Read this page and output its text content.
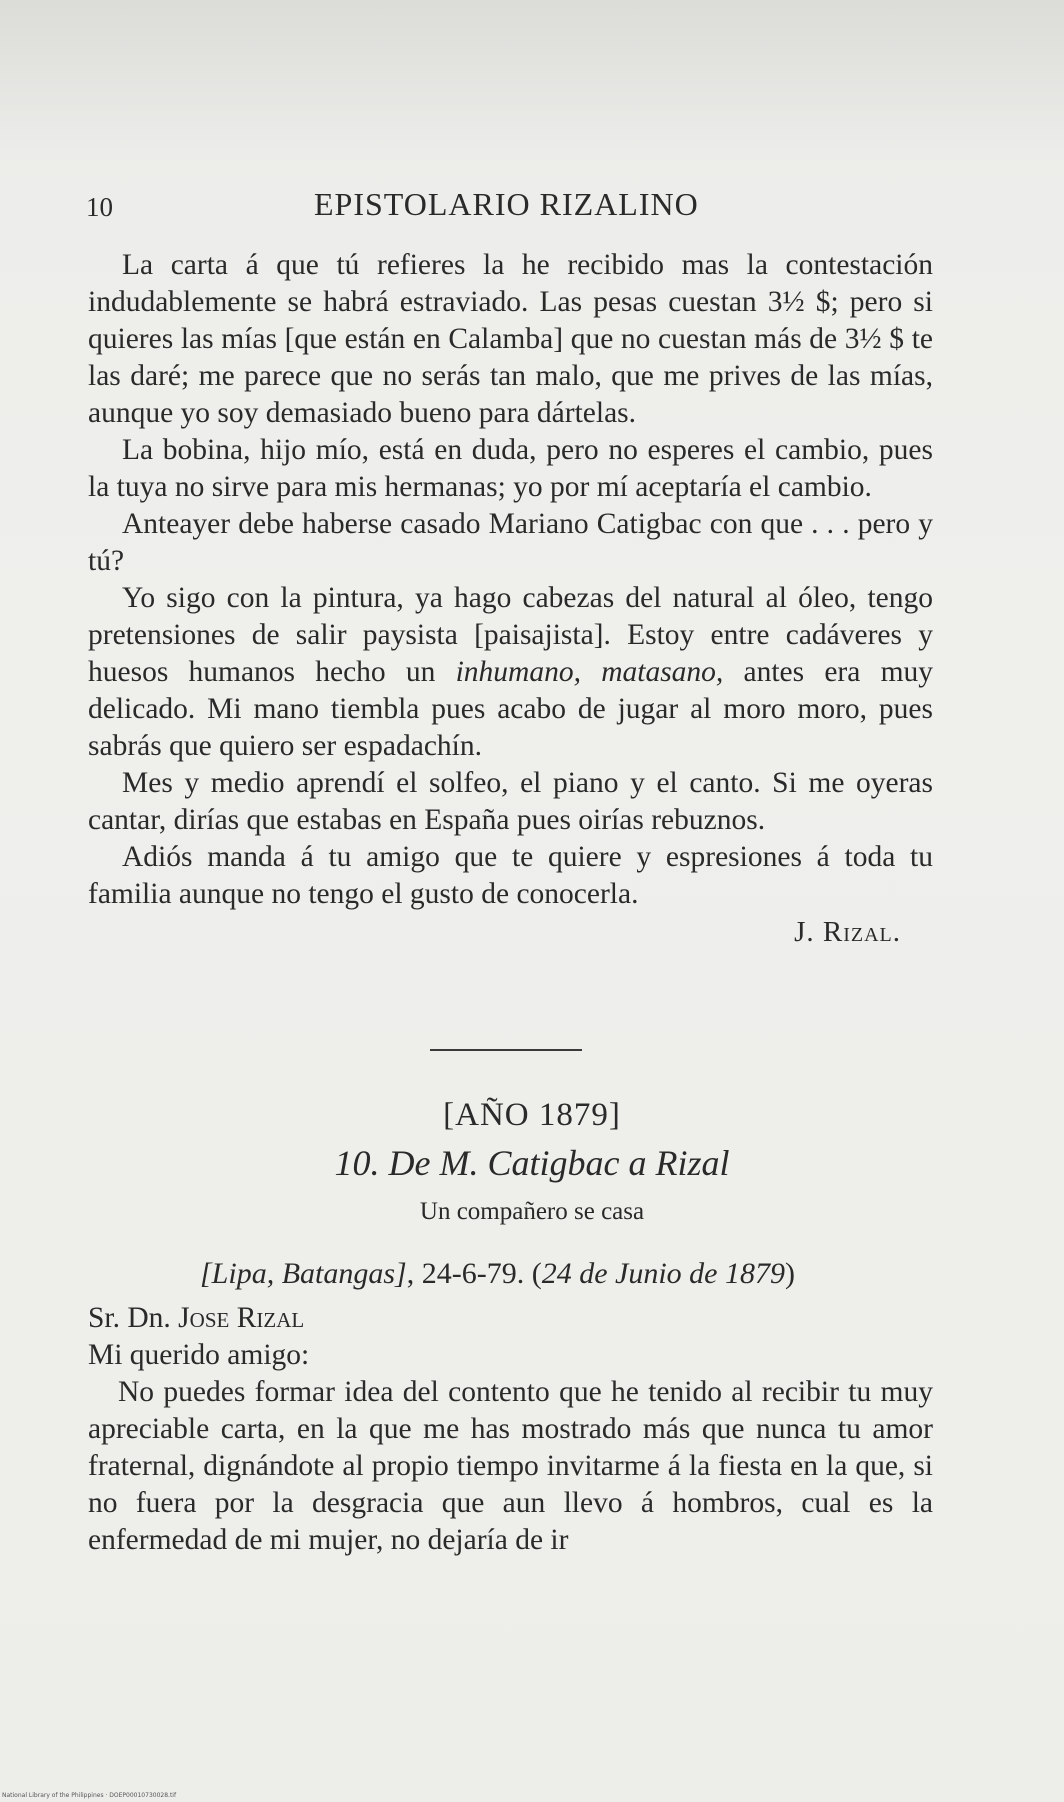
10	EPISTOLARIO RIZALINO

La carta á que tú refieres la he recibido mas la contestación indudablemente se habrá estraviado. Las pesas cuestan 3½ $; pero si quieres las mías [que están en Calamba] que no cuestan más de 3½ $ te las daré; me parece que no serás tan malo, que me prives de las mías, aunque yo soy demasiado bueno para dártelas.

La bobina, hijo mío, está en duda, pero no esperes el cambio, pues la tuya no sirve para mis hermanas; yo por mí aceptaría el cambio.

Anteayer debe haberse casado Mariano Catigbac con que . . . pero y tú?

Yo sigo con la pintura, ya hago cabezas del natural al óleo, tengo pretensiones de salir paysista [paisajista]. Estoy entre cadáveres y huesos humanos hecho un inhumano, matasano, antes era muy delicado. Mi mano tiembla pues acabo de jugar al moro moro, pues sabrás que quiero ser espadachín.

Mes y medio aprendí el solfeo, el piano y el canto. Si me oyeras cantar, dirías que estabas en España pues oirías rebuznos.

Adiós manda á tu amigo que te quiere y espresiones á toda tu familia aunque no tengo el gusto de conocerla.

J. Rizal.
[AÑO 1879]
10. De M. Catigbac a Rizal
Un compañero se casa
[Lipa, Batangas], 24-6-79. (24 de Junio de 1879)

Sr. Dn. Jose Rizal

Mi querido amigo:

No puedes formar idea del contento que he tenido al recibir tu muy apreciable carta, en la que me has mostrado más que nunca tu amor fraternal, dignándote al propio tiempo invitarme á la fiesta en la que, si no fuera por la desgracia que aun llevo á hombros, cual es la enfermedad de mi mujer, no dejaría de ir

National Library of the Philippines · DOEP00010730028.tif
